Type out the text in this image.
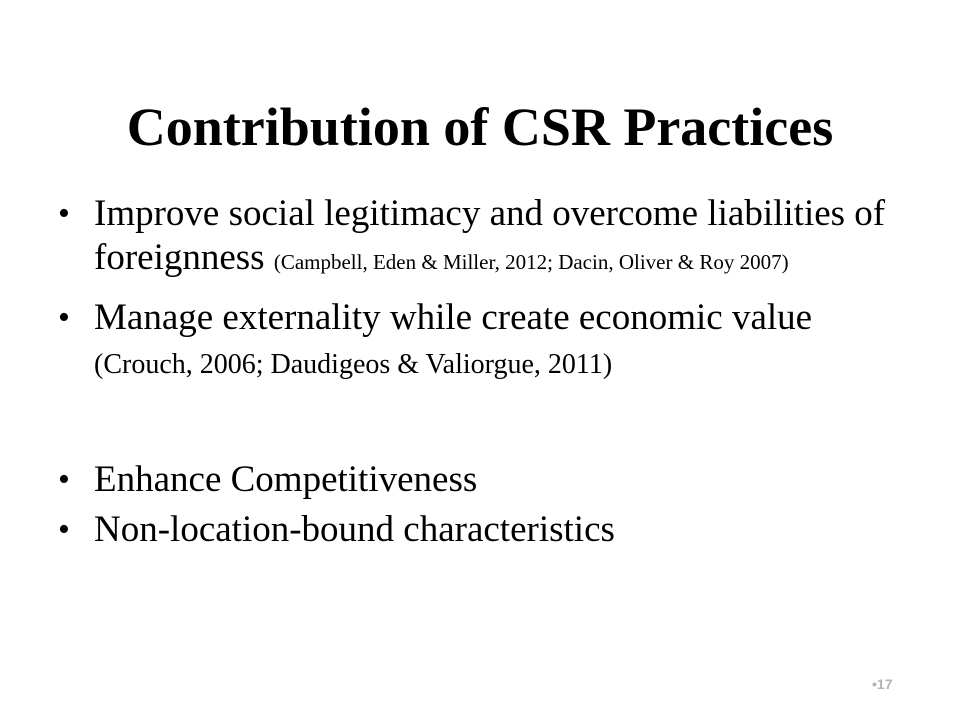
Contribution of CSR Practices
• Improve social legitimacy and overcome liabilities of foreignness (Campbell, Eden & Miller, 2012; Dacin, Oliver & Roy 2007)
• Manage externality while create economic value (Crouch, 2006; Daudigeos & Valiorgue, 2011)
• Enhance Competitiveness
• Non-location-bound characteristics
•17
